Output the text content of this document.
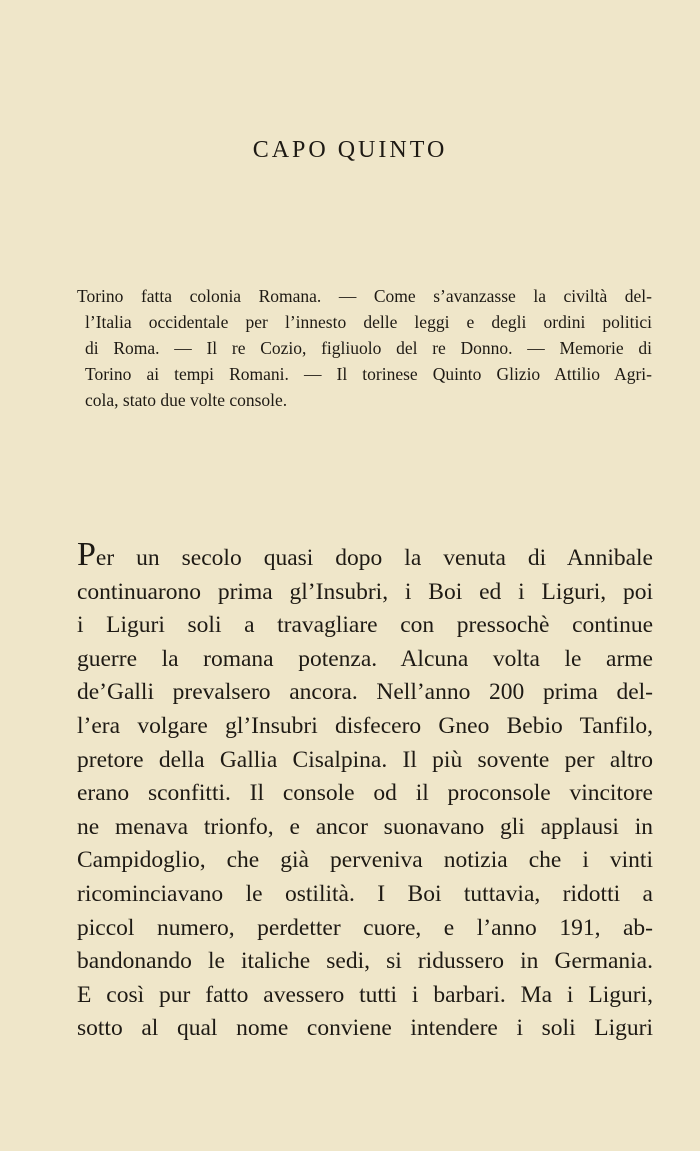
CAPO QUINTO
Torino fatta colonia Romana. — Come s’avanzasse la civiltà del-
l’Italia occidentale per l’innesto delle leggi e degli ordini politici
di Roma. — Il re Cozio, figliuolo del re Donno. — Memorie di
Torino ai tempi Romani. — Il torinese Quinto Glizio Attilio Agri-
cola, stato due volte console.
Per un secolo quasi dopo la venuta di Annibale
continuarono prima gl’Insubri, i Boi ed i Liguri, poi
i Liguri soli a travagliare con pressochè continue
guerre la romana potenza. Alcuna volta le arme
de’Galli prevalsero ancora. Nell’anno 200 prima del-
l’era volgare gl’Insubri disfecero Gneo Bebio Tanfilo,
pretore della Gallia Cisalpina. Il più sovente per altro
erano sconfitti. Il console od il proconsole vincitore
ne menava trionfo, e ancor suonavano gli applausi in
Campidoglio, che già perveniva notizia che i vinti
ricominciavano le ostilità. I Boi tuttavia, ridotti a
piccol numero, perdetter cuore, e l’anno 191, ab-
bandonando le italiche sedi, si ridussero in Germania.
E così pur fatto avessero tutti i barbari. Ma i Liguri,
sotto al qual nome conviene intendere i soli Liguri
